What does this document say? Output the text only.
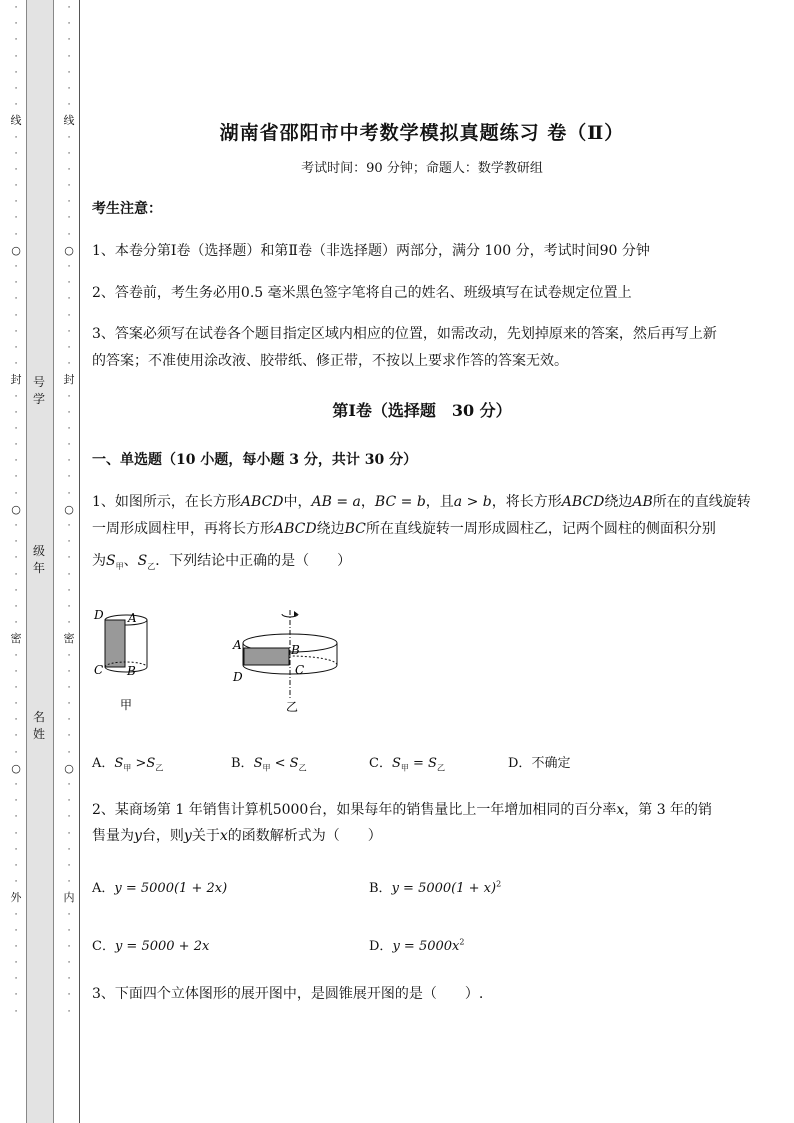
·
·
·
·
·
·
·
线
·
·
·
·
·
·
·
○
·
·
·
·
·
·
·
封
·
·
·
·
·
·
·
○
·
·
·
·
·
·
·
密
·
·
·
·
·
·
·
○
·
·
·
·
·
·
·
外
·
·
·
·
·
·
·
·
·
·
·
·
·
·
线
·
·
·
·
·
·
·
○
·
·
·
·
·
·
·
封
·
·
·
·
·
·
·
○
·
·
·
·
·
·
·
密
·
·
·
·
·
·
·
○
·
·
·
·
·
·
·
内
·
·
·
·
·
·
·
号
学
级
年
名
姓
湖南省邵阳市中考数学模拟真题练习 卷（Ⅱ）
考试时间：90 分钟；命题人：数学教研组
考生注意：
1、本卷分第Ⅰ卷（选择题）和第Ⅱ卷（非选择题）两部分，满分 100 分，考试时间90 分钟
2、答卷前，考生务必用0.5 毫米黑色签字笔将自己的姓名、班级填写在试卷规定位置上
3、答案必须写在试卷各个题目指定区域内相应的位置，如需改动，先划掉原来的答案，然后再写上新
的答案；不准使用涂改液、胶带纸、修正带，不按以上要求作答的答案无效。
第Ⅰ卷（选择题　30 分）
一、单选题（10 小题，每小题 3 分，共计 30 分）
1、如图所示，在长方形ABCD中，AB = a，BC = b，且a > b，将长方形ABCD绕边AB所在的直线旋转
一周形成圆柱甲，再将长方形ABCD绕边BC所在直线旋转一周形成圆柱乙，记两个圆柱的侧面积分别
为$S_甲$、$S_乙$．下列结论中正确的是（　　）
D A
C B
甲
A	B
C
D
乙
A．$S_甲 >S_乙$	B．$S_甲 < S_乙$	C．$S_甲 = S_乙$	D．不确定
2、某商场第 1 年销售计算机5000台，如果每年的销售量比上一年增加相同的百分率x，第 3 年的销
售量为y台，则y关于x的函数解析式为（　　）
A．y = 5000(1 + 2x)	B．$y = 5000(1 + x)^2$
C．y = 5000 + 2x	D．$y = 5000x^2$
3、下面四个立体图形的展开图中，是圆锥展开图的是（　　）.
